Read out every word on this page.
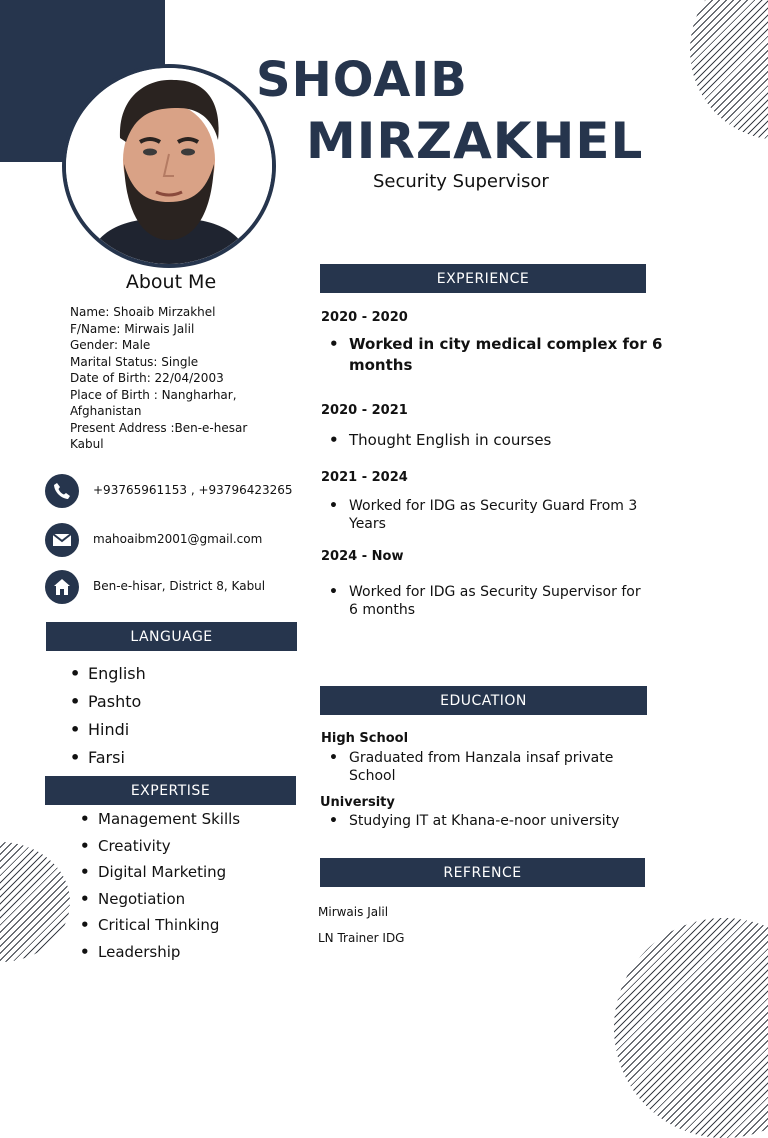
SHOAIB
MIRZAKHEL
Security Supervisor
About Me
Name: Shoaib Mirzakhel
F/Name: Mirwais Jalil
Gender: Male
Marital Status: Single
Date of Birth: 22/04/2003
Place of Birth : Nangharhar,
Afghanistan
Present Address :Ben-e-hesar
Kabul
+93765961153 , +93796423265
mahoaibm2001@gmail.com
Ben-e-hisar, District 8, Kabul
LANGUAGE
• English
• Pashto
• Hindi
• Farsi
EXPERTISE
• Management Skills
• Creativity
• Digital Marketing
• Negotiation
• Critical Thinking
• Leadership
EXPERIENCE
2020 - 2020
• Worked in city medical complex for 6
months
2020 - 2021
• Thought English in courses
2021 - 2024
• Worked for IDG as Security Guard From 3
Years
2024 - Now
• Worked for IDG as Security Supervisor for
6 months
EDUCATION
High School
• Graduated from Hanzala insaf private
School
University
• Studying IT at Khana-e-noor university
REFRENCE
Mirwais Jalil
LN Trainer IDG
